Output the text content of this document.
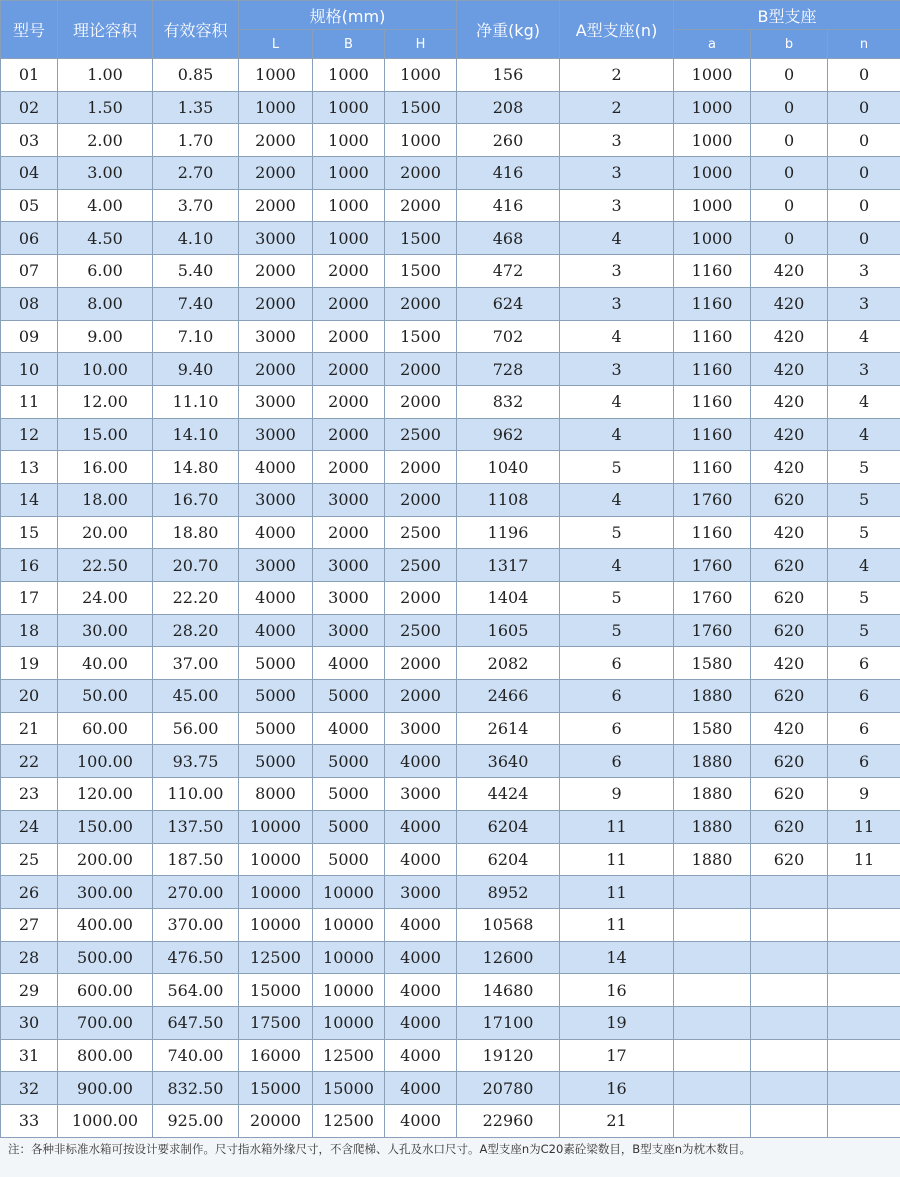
型号	理论容积	有效容积	规格(mm)			净重(kg)	A型支座(n)	B型支座		
			L	B	H			a	b	n
01	1.00	0.85	1000	1000	1000	156	2	1000	0	0
02	1.50	1.35	1000	1000	1500	208	2	1000	0	0
03	2.00	1.70	2000	1000	1000	260	3	1000	0	0
04	3.00	2.70	2000	1000	2000	416	3	1000	0	0
05	4.00	3.70	2000	1000	2000	416	3	1000	0	0
06	4.50	4.10	3000	1000	1500	468	4	1000	0	0
07	6.00	5.40	2000	2000	1500	472	3	1160	420	3
08	8.00	7.40	2000	2000	2000	624	3	1160	420	3
09	9.00	7.10	3000	2000	1500	702	4	1160	420	4
10	10.00	9.40	2000	2000	2000	728	3	1160	420	3
11	12.00	11.10	3000	2000	2000	832	4	1160	420	4
12	15.00	14.10	3000	2000	2500	962	4	1160	420	4
13	16.00	14.80	4000	2000	2000	1040	5	1160	420	5
14	18.00	16.70	3000	3000	2000	1108	4	1760	620	5
15	20.00	18.80	4000	2000	2500	1196	5	1160	420	5
16	22.50	20.70	3000	3000	2500	1317	4	1760	620	4
17	24.00	22.20	4000	3000	2000	1404	5	1760	620	5
18	30.00	28.20	4000	3000	2500	1605	5	1760	620	5
19	40.00	37.00	5000	4000	2000	2082	6	1580	420	6
20	50.00	45.00	5000	5000	2000	2466	6	1880	620	6
21	60.00	56.00	5000	4000	3000	2614	6	1580	420	6
22	100.00	93.75	5000	5000	4000	3640	6	1880	620	6
23	120.00	110.00	8000	5000	3000	4424	9	1880	620	9
24	150.00	137.50	10000	5000	4000	6204	11	1880	620	11
25	200.00	187.50	10000	5000	4000	6204	11	1880	620	11
26	300.00	270.00	10000	10000	3000	8952	11			
27	400.00	370.00	10000	10000	4000	10568	11			
28	500.00	476.50	12500	10000	4000	12600	14			
29	600.00	564.00	15000	10000	4000	14680	16			
30	700.00	647.50	17500	10000	4000	17100	19			
31	800.00	740.00	16000	12500	4000	19120	17			
32	900.00	832.50	15000	15000	4000	20780	16			
33	1000.00	925.00	20000	12500	4000	22960	21			
注：各种非标准水箱可按设计要求制作。尺寸指水箱外缘尺寸，不含爬梯、人孔及水口尺寸。A型支座n为C20素砼梁数目，B型支座n为枕木数目。
